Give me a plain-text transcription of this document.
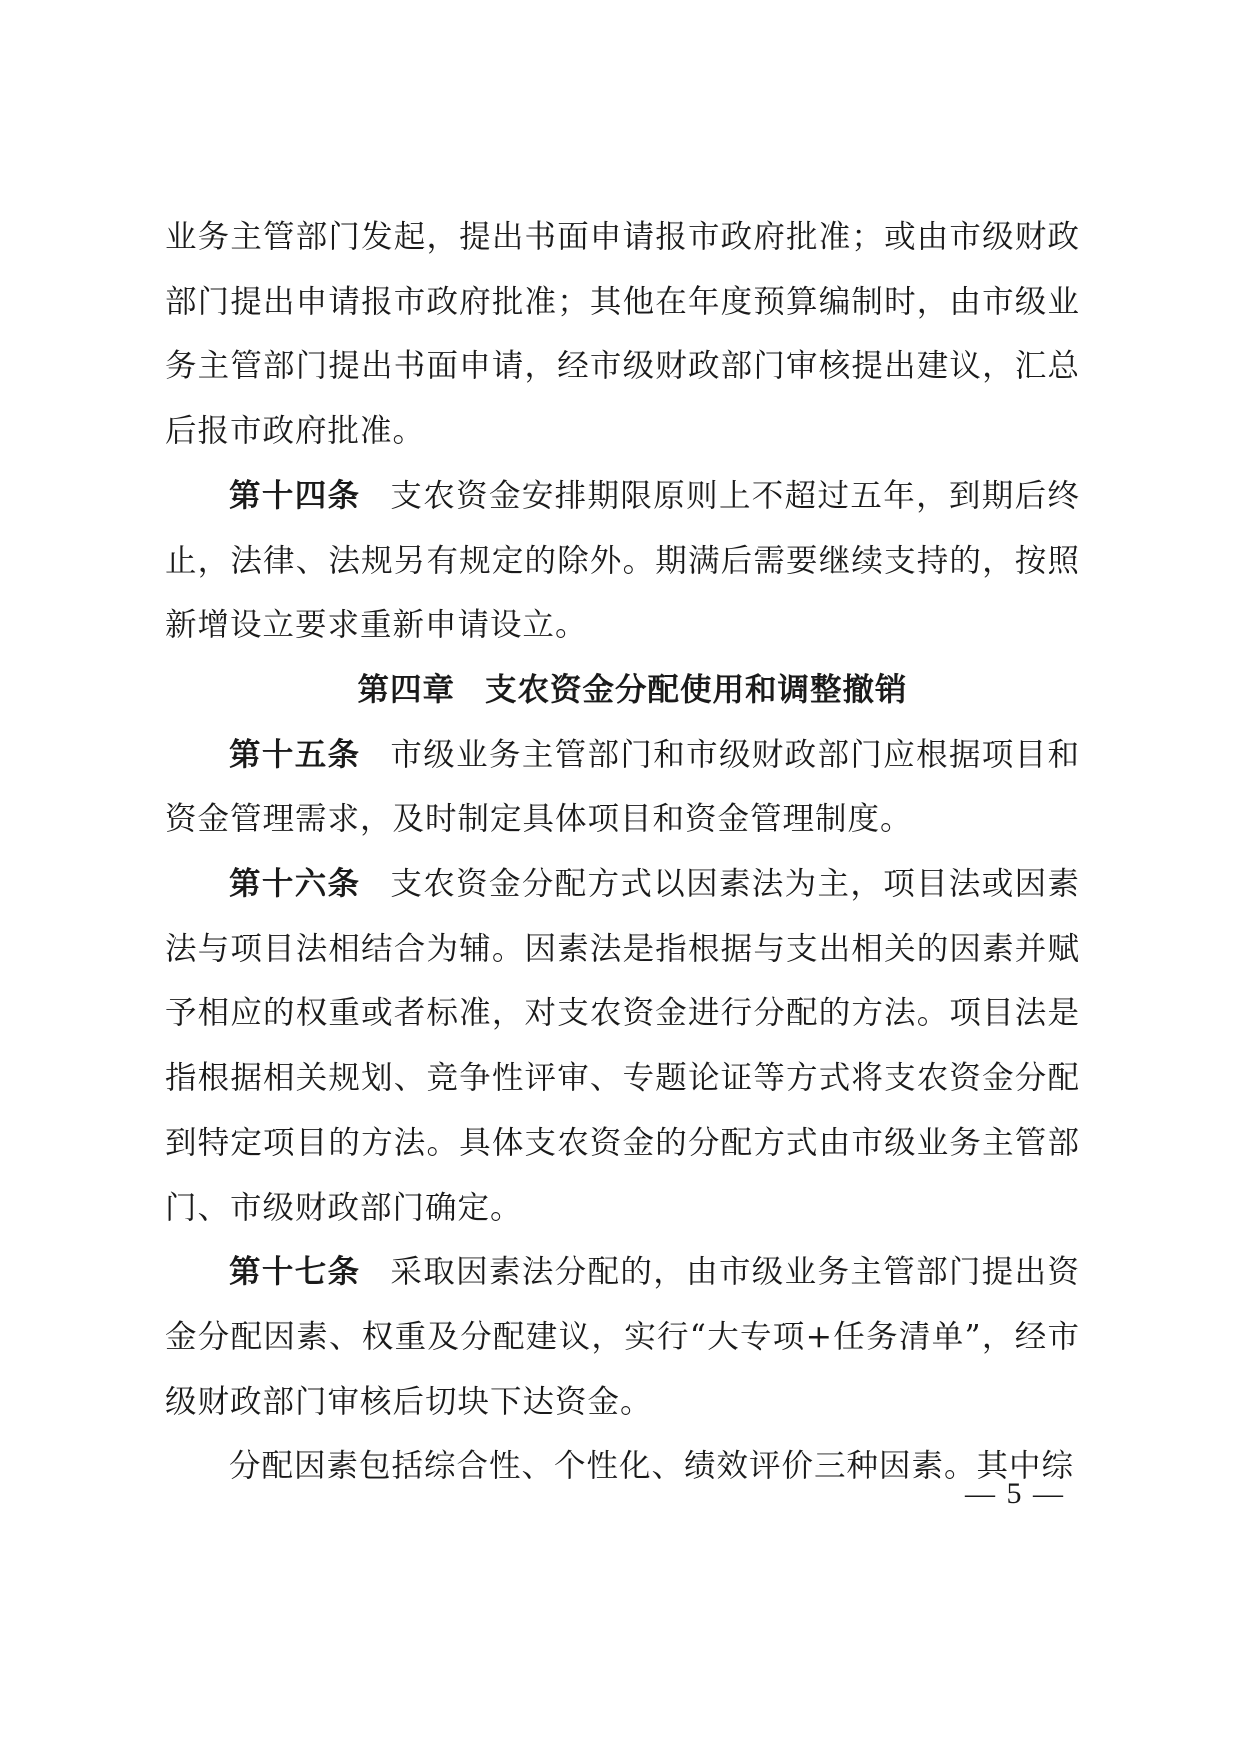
业务主管部门发起，提出书面申请报市政府批准；或由市级财政部门提出申请报市政府批准；其他在年度预算编制时，由市级业务主管部门提出书面申请，经市级财政部门审核提出建议，汇总后报市政府批准。

第十四条 支农资金安排期限原则上不超过五年，到期后终止，法律、法规另有规定的除外。期满后需要继续支持的，按照新增设立要求重新申请设立。

第四章 支农资金分配使用和调整撤销

第十五条 市级业务主管部门和市级财政部门应根据项目和资金管理需求，及时制定具体项目和资金管理制度。

第十六条 支农资金分配方式以因素法为主，项目法或因素法与项目法相结合为辅。因素法是指根据与支出相关的因素并赋予相应的权重或者标准，对支农资金进行分配的方法。项目法是指根据相关规划、竞争性评审、专题论证等方式将支农资金分配到特定项目的方法。具体支农资金的分配方式由市级业务主管部门、市级财政部门确定。

第十七条 采取因素法分配的，由市级业务主管部门提出资金分配因素、权重及分配建议，实行“大专项+任务清单”，经市级财政部门审核后切块下达资金。

分配因素包括综合性、个性化、绩效评价三种因素。其中综

— 5 —
